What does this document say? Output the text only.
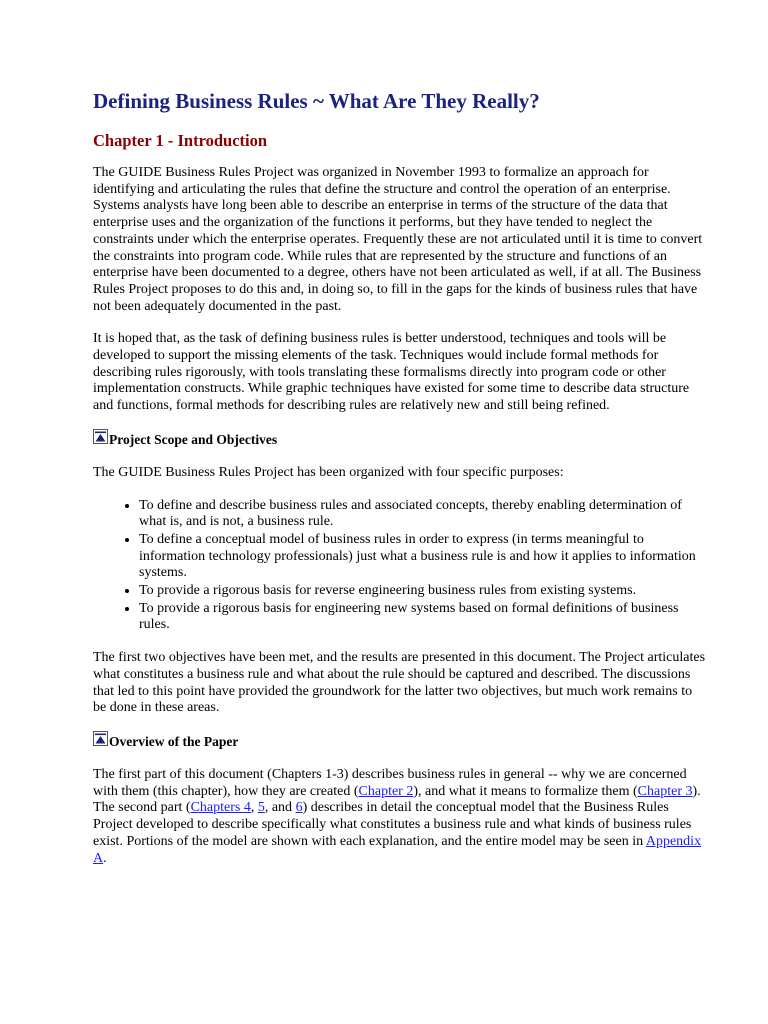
Defining Business Rules ~ What Are They Really?
Chapter 1 - Introduction

The GUIDE Business Rules Project was organized in November 1993 to formalize an approach for identifying and articulating the rules that define the structure and control the operation of an enterprise. Systems analysts have long been able to describe an enterprise in terms of the structure of the data that enterprise uses and the organization of the functions it performs, but they have tended to neglect the constraints under which the enterprise operates. Frequently these are not articulated until it is time to convert the constraints into program code. While rules that are represented by the structure and functions of an enterprise have been documented to a degree, others have not been articulated as well, if at all. The Business Rules Project proposes to do this and, in doing so, to fill in the gaps for the kinds of business rules that have not been adequately documented in the past.

It is hoped that, as the task of defining business rules is better understood, techniques and tools will be developed to support the missing elements of the task. Techniques would include formal methods for describing rules rigorously, with tools translating these formalisms directly into program code or other implementation constructs. While graphic techniques have existed for some time to describe data structure and functions, formal methods for describing rules are relatively new and still being refined.

Project Scope and Objectives

The GUIDE Business Rules Project has been organized with four specific purposes:

• To define and describe business rules and associated concepts, thereby enabling determination of what is, and is not, a business rule.
• To define a conceptual model of business rules in order to express (in terms meaningful to information technology professionals) just what a business rule is and how it applies to information systems.
• To provide a rigorous basis for reverse engineering business rules from existing systems.
• To provide a rigorous basis for engineering new systems based on formal definitions of business rules.

The first two objectives have been met, and the results are presented in this document. The Project articulates what constitutes a business rule and what about the rule should be captured and described. The discussions that led to this point have provided the groundwork for the latter two objectives, but much work remains to be done in these areas.

Overview of the Paper

The first part of this document (Chapters 1-3) describes business rules in general -- why we are concerned with them (this chapter), how they are created (Chapter 2), and what it means to formalize them (Chapter 3). The second part (Chapters 4, 5, and 6) describes in detail the conceptual model that the Business Rules Project developed to describe specifically what constitutes a business rule and what kinds of business rules exist. Portions of the model are shown with each explanation, and the entire model may be seen in Appendix A.
